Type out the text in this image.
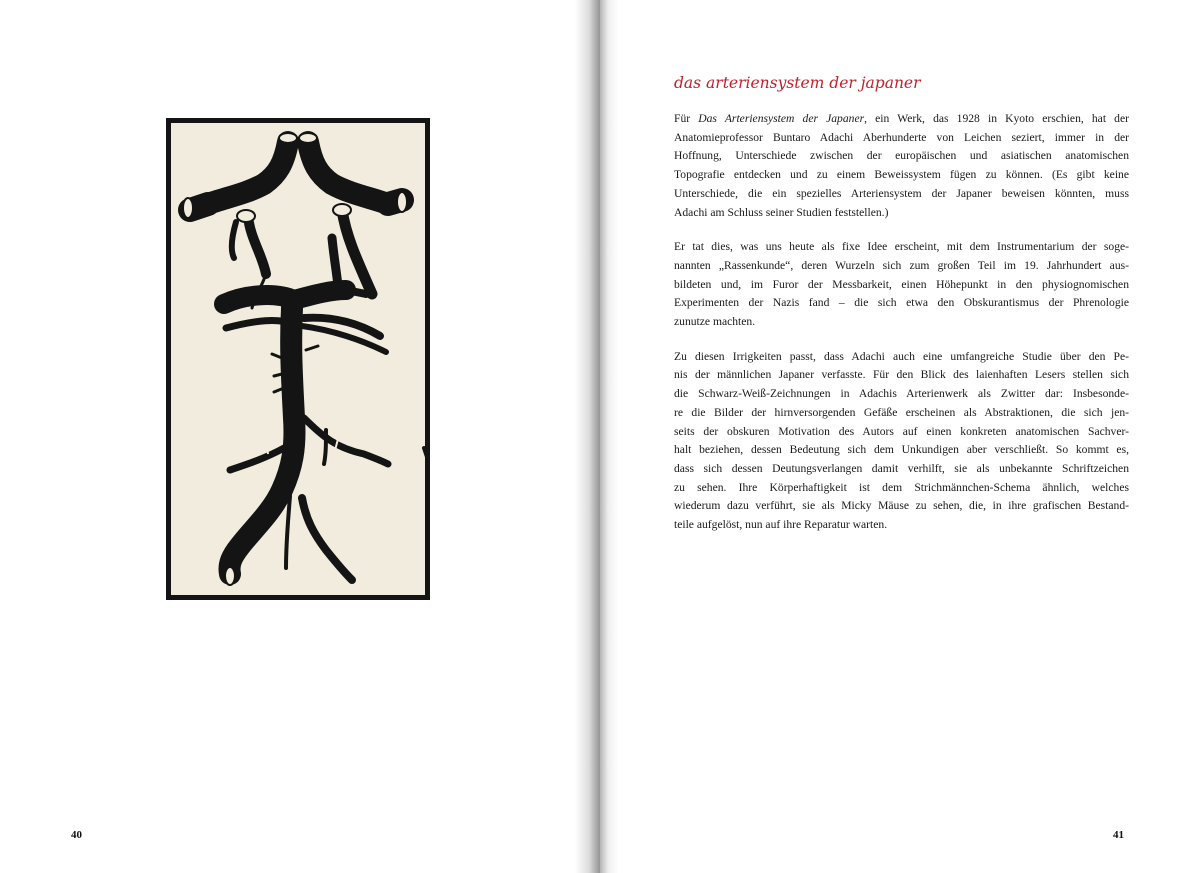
40
das arteriensystem der japaner

Für Das Arteriensystem der Japaner, ein Werk, das 1928 in Kyoto erschien, hat der
Anatomieprofessor Buntaro Adachi Aberhunderte von Leichen seziert, immer in der
Hoffnung, Unterschiede zwischen der europäischen und asiatischen anatomischen
Topografie entdecken und zu einem Beweissystem fügen zu können. (Es gibt keine
Unterschiede, die ein spezielles Arteriensystem der Japaner beweisen könnten, muss
Adachi am Schluss seiner Studien feststellen.)

Er tat dies, was uns heute als fixe Idee erscheint, mit dem Instrumentarium der soge-
nannten „Rassenkunde“, deren Wurzeln sich zum großen Teil im 19. Jahrhundert aus-
bildeten und, im Furor der Messbarkeit, einen Höhepunkt in den physiognomischen
Experimenten der Nazis fand – die sich etwa den Obskurantismus der Phrenologie
zunutze machten.

Zu diesen Irrigkeiten passt, dass Adachi auch eine umfangreiche Studie über den Pe-
nis der männlichen Japaner verfasste. Für den Blick des laienhaften Lesers stellen sich
die Schwarz-Weiß-Zeichnungen in Adachis Arterienwerk als Zwitter dar: Insbesonde-
re die Bilder der hirnversorgenden Gefäße erscheinen als Abstraktionen, die sich jen-
seits der obskuren Motivation des Autors auf einen konkreten anatomischen Sachver-
halt beziehen, dessen Bedeutung sich dem Unkundigen aber verschließt. So kommt es,
dass sich dessen Deutungsverlangen damit verhilft, sie als unbekannte Schriftzeichen
zu sehen. Ihre Körperhaftigkeit ist dem Strichmännchen-Schema ähnlich, welches
wiederum dazu verführt, sie als Micky Mäuse zu sehen, die, in ihre grafischen Bestand-
teile aufgelöst, nun auf ihre Reparatur warten.

41
